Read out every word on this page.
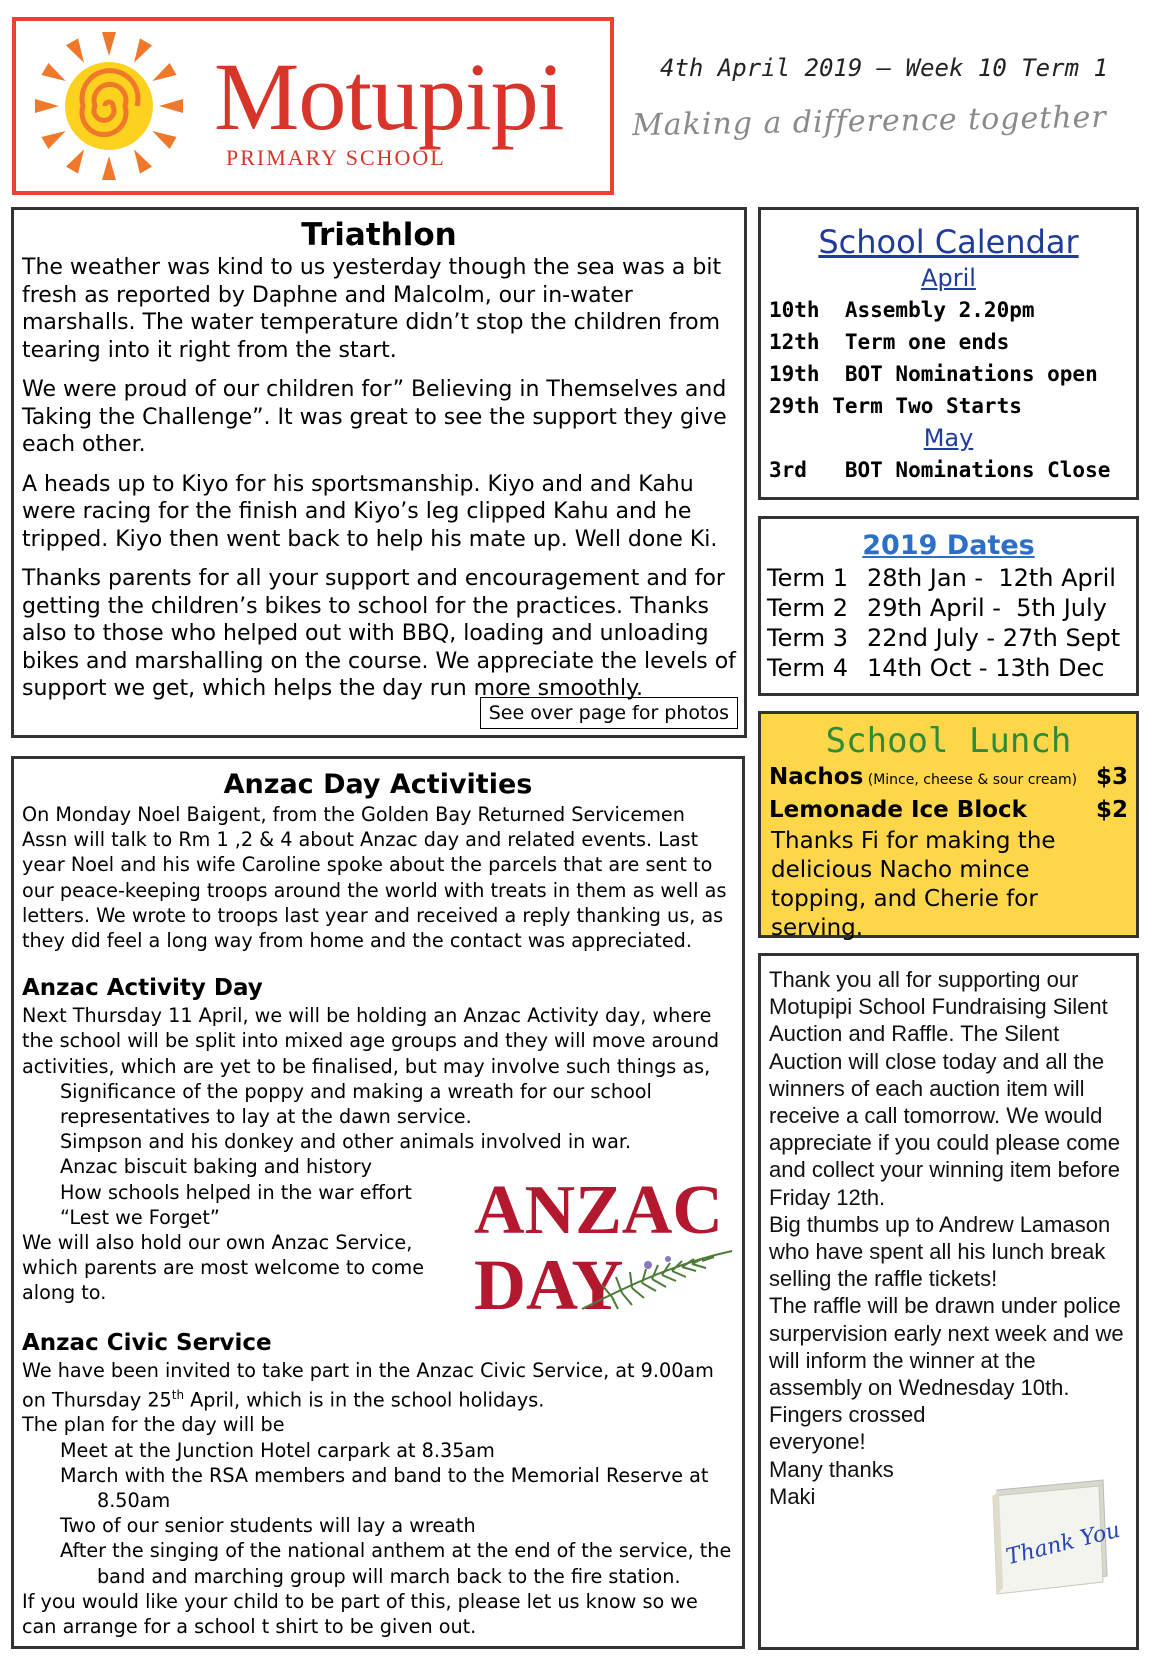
Motupipi
PRIMARY SCHOOL
4th April 2019 – Week 10 Term 1
Making a difference together
Triathlon

The weather was kind to us yesterday though the sea was a bit fresh as reported by Daphne and Malcolm, our in-water marshalls. The water temperature didn’t stop the children from tearing into it right from the start.

We were proud of our children for” Believing in Themselves and Taking the Challenge”. It was great to see the support they give each other.

A heads up to Kiyo for his sportsmanship. Kiyo and and Kahu were racing for the finish and Kiyo’s leg clipped Kahu and he tripped. Kiyo then went back to help his mate up. Well done Ki.

Thanks parents for all your support and encouragement and for getting the children’s bikes to school for the practices. Thanks also to those who helped out with BBQ, loading and unloading bikes and marshalling on the course. We appreciate the levels of support we get, which helps the day run more smoothly.

See over page for photos
Anzac Day Activities
On Monday Noel Baigent, from the Golden Bay Returned Servicemen Assn will talk to Rm 1 ,2 & 4 about Anzac day and related events. Last year Noel and his wife Caroline spoke about the parcels that are sent to our peace-keeping troops around the world with treats in them as well as letters. We wrote to troops last year and received a reply thanking us, as they did feel a long way from home and the contact was appreciated.
Anzac Activity Day
Next Thursday 11 April, we will be holding an Anzac Activity day, where the school will be split into mixed age groups and they will move around activities, which are yet to be finalised, but may involve such things as,
Significance of the poppy and making a wreath for our school representatives to lay at the dawn service.
Simpson and his donkey and other animals involved in war.
Anzac biscuit baking and history
How schools helped in the war effort
“Lest we Forget”
We will also hold our own Anzac Service, which parents are most welcome to come along to.
ANZAC
DAY
Anzac Civic Service
We have been invited to take part in the Anzac Civic Service, at 9.00am on Thursday 25th April, which is in the school holidays.
The plan for the day will be
Meet at the Junction Hotel carpark at 8.35am
March with the RSA members and band to the Memorial Reserve at
8.50am
Two of our senior students will lay a wreath
After the singing of the national anthem at the end of the service, the
band and marching group will march back to the fire station.
If you would like your child to be part of this, please let us know so we can arrange for a school t shirt to be given out.
School Calendar
April
10th  Assembly 2.20pm
12th  Term one ends
19th  BOT Nominations open
29th Term Two Starts
May
3rd   BOT Nominations Close
2019 Dates
Term 1 28th Jan -  12th April
Term 2 29th April -  5th July
Term 3 22nd July - 27th Sept
Term 4 14th Oct - 13th Dec
School Lunch
Nachos (Mince, cheese & sour cream) $3
Lemonade Ice Block	$2
Thanks Fi for making the delicious Nacho mince topping, and Cherie for serving.
Thank you all for supporting our Motupipi School Fundraising Silent Auction and Raffle. The Silent Auction will close today and all the winners of each auction item will receive a call tomorrow. We would appreciate if you could please come and collect your winning item before Friday 12th.
Big thumbs up to Andrew Lamason who have spent all his lunch break selling the raffle tickets!
The raffle will be drawn under police surpervision early next week and we will inform the winner at the assembly on Wednesday 10th.
Fingers crossed
everyone!
Many thanks
Maki
Thank You
